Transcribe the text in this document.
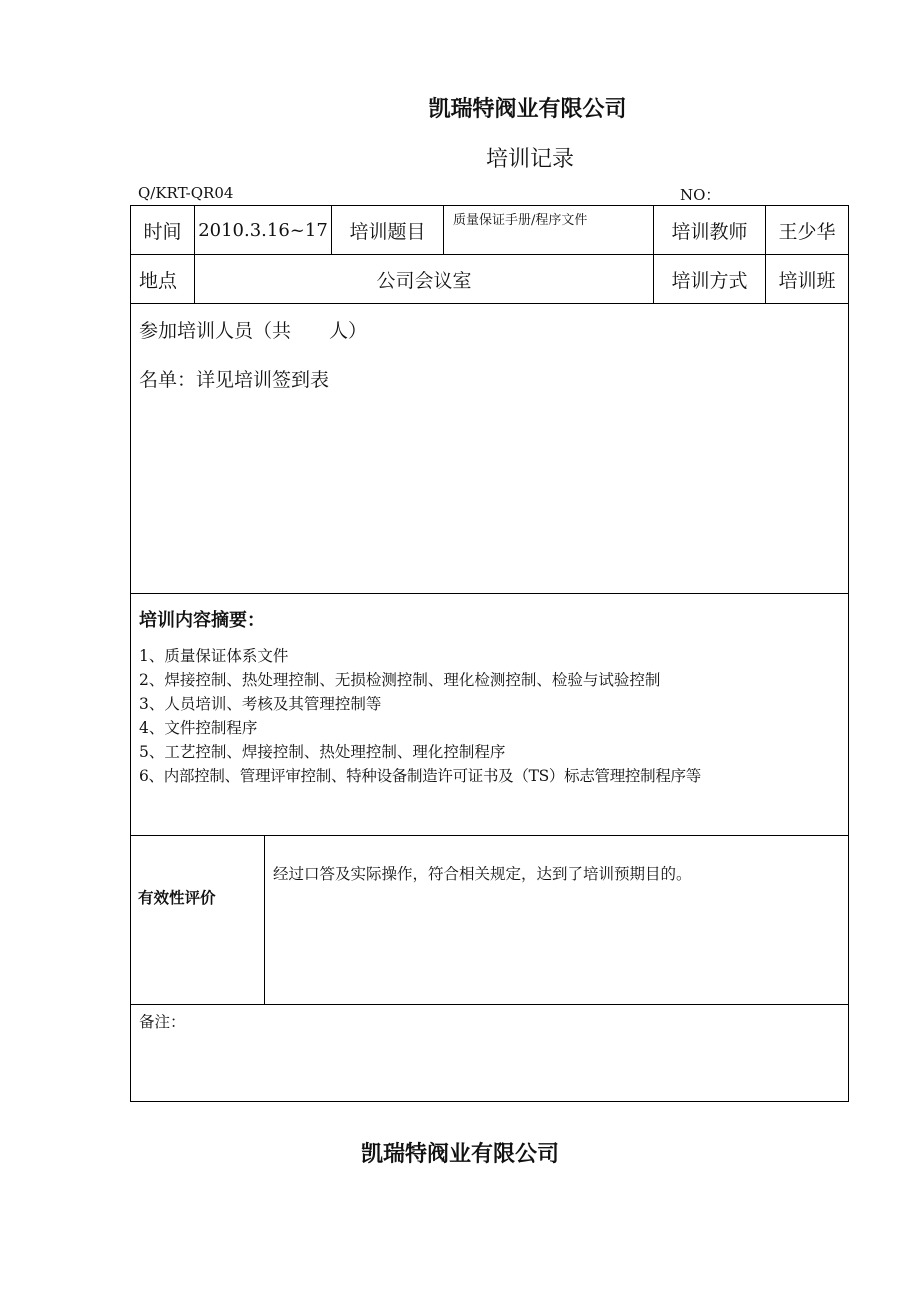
凯瑞特阀业有限公司
培训记录
Q/KRT-QR04	NO：
时间 2010.3.16~17	培训题目	质量保证手册/程序文件	培训教师	王少华
地点	公司会议室	培训方式	培训班
参加培训人员（共　　人）
名单：详见培训签到表
培训内容摘要：
1、质量保证体系文件
2、焊接控制、热处理控制、无损检测控制、理化检测控制、检验与试验控制
3、人员培训、考核及其管理控制等
4、文件控制程序
5、工艺控制、焊接控制、热处理控制、理化控制程序
6、内部控制、管理评审控制、特种设备制造许可证书及（TS）标志管理控制程序等
有效性评价
经过口答及实际操作，符合相关规定，达到了培训预期目的。
备注：
凯瑞特阀业有限公司
